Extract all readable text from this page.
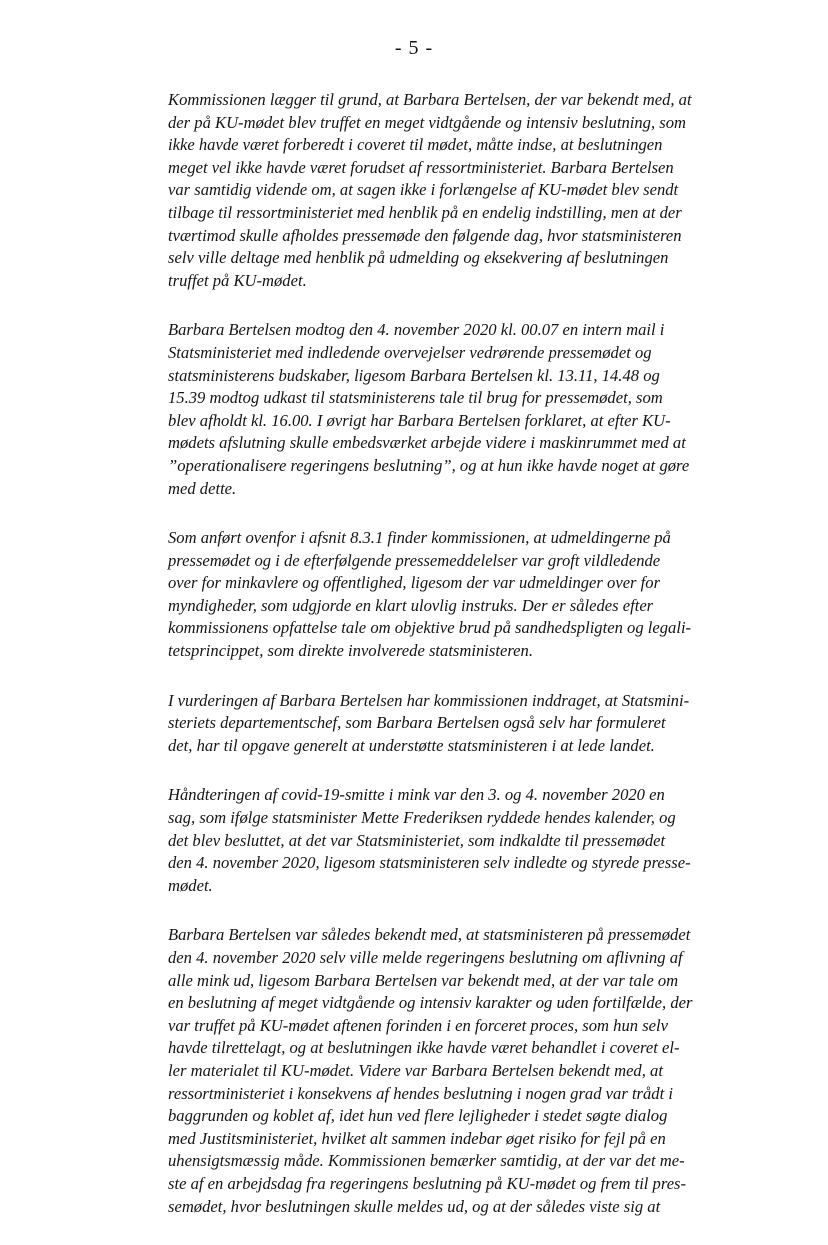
- 5 -

Kommissionen lægger til grund, at Barbara Bertelsen, der var bekendt med, at
der på KU-mødet blev truffet en meget vidtgående og intensiv beslutning, som
ikke havde været forberedt i coveret til mødet, måtte indse, at beslutningen
meget vel ikke havde været forudset af ressortministeriet. Barbara Bertelsen
var samtidig vidende om, at sagen ikke i forlængelse af KU-mødet blev sendt
tilbage til ressortministeriet med henblik på en endelig indstilling, men at der
tværtimod skulle afholdes pressemøde den følgende dag, hvor statsministeren
selv ville deltage med henblik på udmelding og eksekvering af beslutningen
truffet på KU-mødet.

Barbara Bertelsen modtog den 4. november 2020 kl. 00.07 en intern mail i
Statsministeriet med indledende overvejelser vedrørende pressemødet og
statsministerens budskaber, ligesom Barbara Bertelsen kl. 13.11, 14.48 og
15.39 modtog udkast til statsministerens tale til brug for pressemødet, som
blev afholdt kl. 16.00. I øvrigt har Barbara Bertelsen forklaret, at efter KU-
mødets afslutning skulle embedsværket arbejde videre i maskinrummet med at
”operationalisere regeringens beslutning”, og at hun ikke havde noget at gøre
med dette.

Som anført ovenfor i afsnit 8.3.1 finder kommissionen, at udmeldingerne på
pressemødet og i de efterfølgende pressemeddelelser var groft vildledende
over for minkavlere og offentlighed, ligesom der var udmeldinger over for
myndigheder, som udgjorde en klart ulovlig instruks. Der er således efter
kommissionens opfattelse tale om objektive brud på sandhedspligten og legali-
tetsprincippet, som direkte involverede statsministeren.

I vurderingen af Barbara Bertelsen har kommissionen inddraget, at Statsmini-
steriets departementschef, som Barbara Bertelsen også selv har formuleret
det, har til opgave generelt at understøtte statsministeren i at lede landet.

Håndteringen af covid-19-smitte i mink var den 3. og 4. november 2020 en
sag, som ifølge statsminister Mette Frederiksen ryddede hendes kalender, og
det blev besluttet, at det var Statsministeriet, som indkaldte til pressemødet
den 4. november 2020, ligesom statsministeren selv indledte og styrede presse-
mødet.

Barbara Bertelsen var således bekendt med, at statsministeren på pressemødet
den 4. november 2020 selv ville melde regeringens beslutning om aflivning af
alle mink ud, ligesom Barbara Bertelsen var bekendt med, at der var tale om
en beslutning af meget vidtgående og intensiv karakter og uden fortilfælde, der
var truffet på KU-mødet aftenen forinden i en forceret proces, som hun selv
havde tilrettelagt, og at beslutningen ikke havde været behandlet i coveret el-
ler materialet til KU-mødet. Videre var Barbara Bertelsen bekendt med, at
ressortministeriet i konsekvens af hendes beslutning i nogen grad var trådt i
baggrunden og koblet af, idet hun ved flere lejligheder i stedet søgte dialog
med Justitsministeriet, hvilket alt sammen indebar øget risiko for fejl på en
uhensigtsmæssig måde. Kommissionen bemærker samtidig, at der var det me-
ste af en arbejdsdag fra regeringens beslutning på KU-mødet og frem til pres-
semødet, hvor beslutningen skulle meldes ud, og at der således viste sig at
